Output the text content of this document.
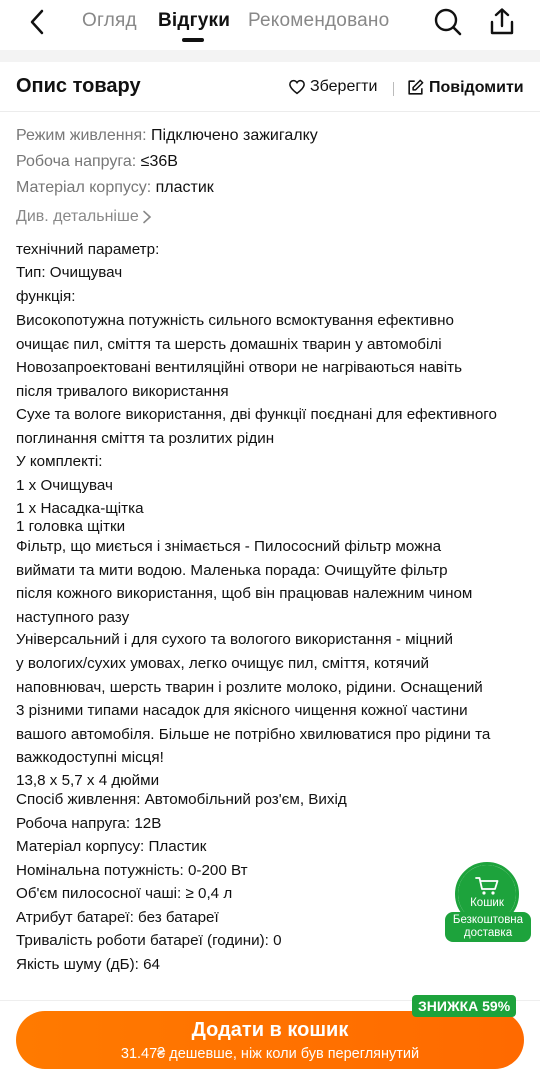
Огляд Відгуки Рекомендовано
Опис товару	Зберегти	Повідомити
Режим живлення: Підключено зажигалку
Робоча напруга: ≤36В
Матеріал корпусу: пластик
Див. детальніше
технічний параметр:
Тип: Очищувач
функція:
Високопотужна потужність сильного всмоктування ефективно
очищає пил, сміття та шерсть домашніх тварин у автомобілі
Новозапроектовані вентиляційні отвори не нагріваються навіть
після тривалого використання
Сухе та вологе використання, дві функції поєднані для ефективного
поглинання сміття та розлитих рідин
У комплекті:
1 x Очищувач
1 x Насадка-щітка
1 головка щітки
Фільтр, що миється і знімається - Пилососний фільтр можна
виймати та мити водою. Маленька порада: Очищуйте фільтр
після кожного використання, щоб він працював належним чином
наступного разу
Універсальний і для сухого та вологого використання - міцний
у вологих/сухих умовах, легко очищує пил, сміття, котячий
наповнювач, шерсть тварин і розлите молоко, рідини. Оснащений
3 різними типами насадок для якісного чищення кожної частини
вашого автомобіля. Більше не потрібно хвилюватися про рідини та
важкодоступні місця!
13,8 x 5,7 x 4 дюйми
Спосіб живлення: Автомобільний роз'єм, Вихід
Робоча напруга: 12В
Матеріал корпусу: Пластик
Номінальна потужність: 0-200 Вт
Об'єм пилососної чаші: ≥ 0,4 л
Атрибут батареї: без батареї
Тривалість роботи батареї (години): 0
Якість шуму (дБ): 64
Кошик
Безкоштовна доставка
Додати в кошик
31.47₴ дешевше, ніж коли був переглянутий
ЗНИЖКА 59%
